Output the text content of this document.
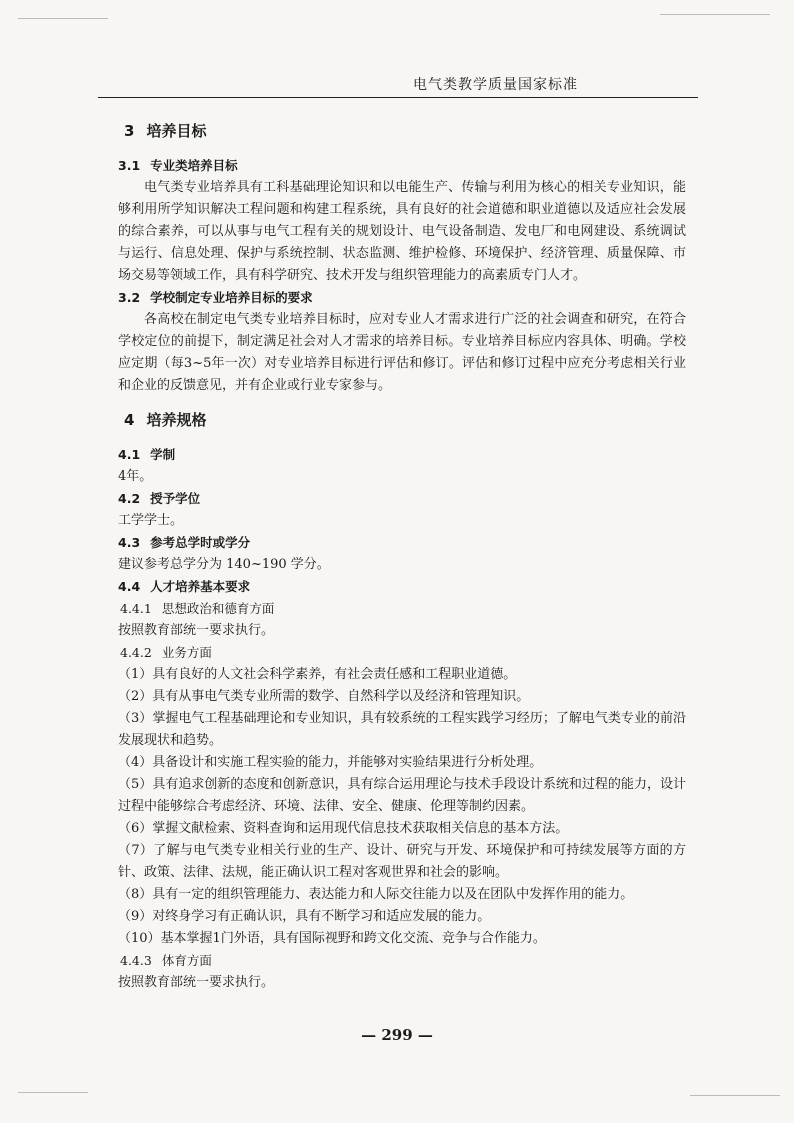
电气类教学质量国家标准
3 培养目标
3.1 专业类培养目标

电气类专业培养具有工科基础理论知识和以电能生产、传输与利用为核心的相关专业知识，能够利用所学知识解决工程问题和构建工程系统，具有良好的社会道德和职业道德以及适应社会发展的综合素养，可以从事与电气工程有关的规划设计、电气设备制造、发电厂和电网建设、系统调试与运行、信息处理、保护与系统控制、状态监测、维护检修、环境保护、经济管理、质量保障、市场交易等领域工作，具有科学研究、技术开发与组织管理能力的高素质专门人才。

3.2 学校制定专业培养目标的要求

各高校在制定电气类专业培养目标时，应对专业人才需求进行广泛的社会调查和研究，在符合学校定位的前提下，制定满足社会对人才需求的培养目标。专业培养目标应内容具体、明确。学校应定期（每3~5年一次）对专业培养目标进行评估和修订。评估和修订过程中应充分考虑相关行业和企业的反馈意见，并有企业或行业专家参与。

4 培养规格
4.1 学制

4年。

4.2 授予学位

工学学士。

4.3 参考总学时或学分

建议参考总学分为 140~190 学分。

4.4 人才培养基本要求
4.4.1 思想政治和德育方面

按照教育部统一要求执行。

4.4.2 业务方面

（1）具有良好的人文社会科学素养，有社会责任感和工程职业道德。

（2）具有从事电气类专业所需的数学、自然科学以及经济和管理知识。

（3）掌握电气工程基础理论和专业知识，具有较系统的工程实践学习经历；了解电气类专业的前沿发展现状和趋势。

（4）具备设计和实施工程实验的能力，并能够对实验结果进行分析处理。

（5）具有追求创新的态度和创新意识，具有综合运用理论与技术手段设计系统和过程的能力，设计过程中能够综合考虑经济、环境、法律、安全、健康、伦理等制约因素。

（6）掌握文献检索、资料查询和运用现代信息技术获取相关信息的基本方法。

（7）了解与电气类专业相关行业的生产、设计、研究与开发、环境保护和可持续发展等方面的方针、政策、法律、法规，能正确认识工程对客观世界和社会的影响。

（8）具有一定的组织管理能力、表达能力和人际交往能力以及在团队中发挥作用的能力。

（9）对终身学习有正确认识，具有不断学习和适应发展的能力。

（10）基本掌握1门外语，具有国际视野和跨文化交流、竞争与合作能力。

4.4.3 体育方面

按照教育部统一要求执行。

— 299 —
